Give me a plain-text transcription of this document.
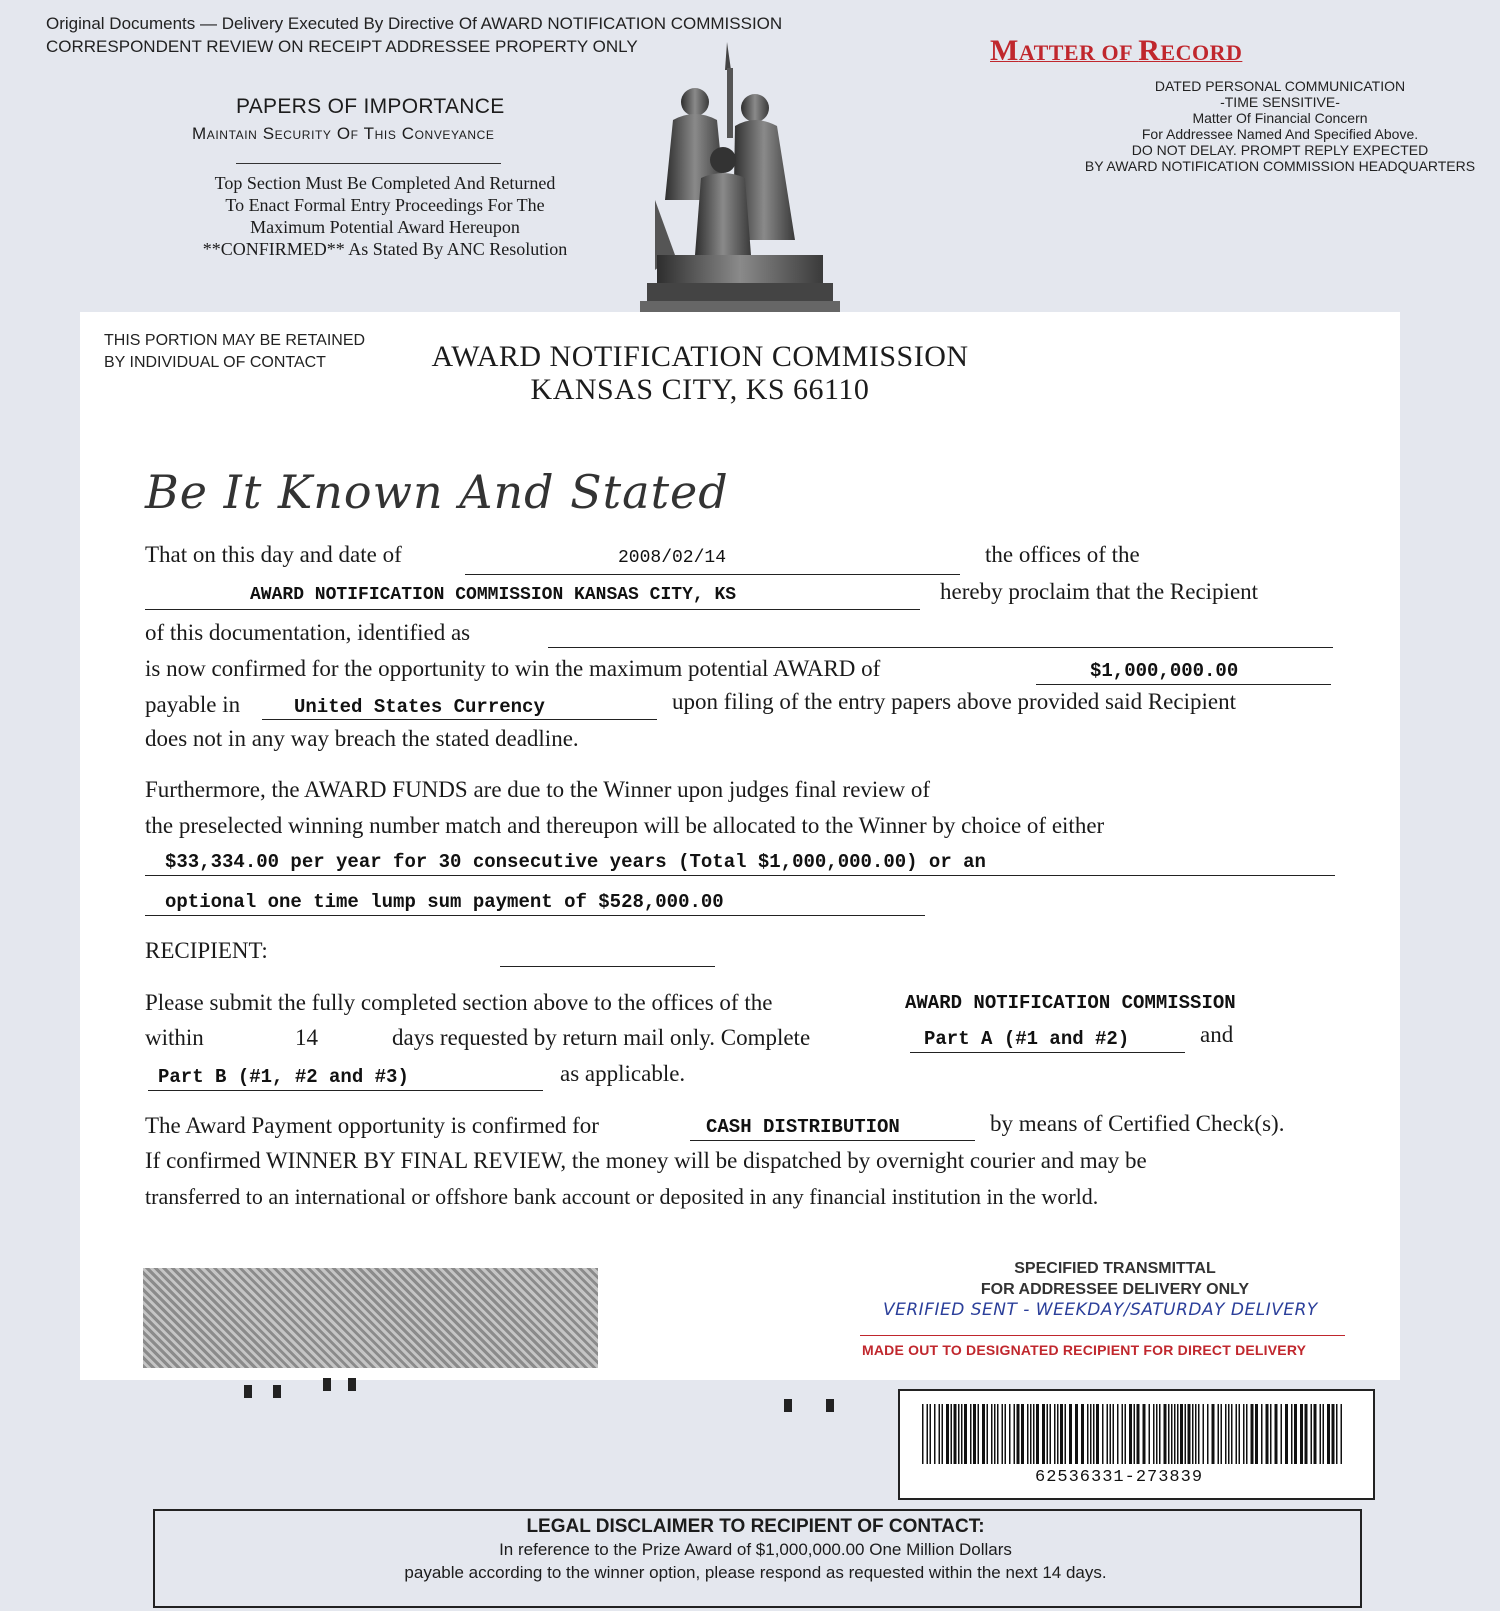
Original Documents — Delivery Executed By Directive Of AWARD NOTIFICATION COMMISSION
CORRESPONDENT REVIEW ON RECEIPT ADDRESSEE PROPERTY ONLY
PAPERS OF IMPORTANCE
Maintain Security Of This Conveyance
Top Section Must Be Completed And Returned
To Enact Formal Entry Proceedings For The
Maximum Potential Award Hereupon
**CONFIRMED** As Stated By ANC Resolution
MATTER OF RECORD
DATED PERSONAL COMMUNICATION
-TIME SENSITIVE-
Matter Of Financial Concern
For Addressee Named And Specified Above.
DO NOT DELAY. PROMPT REPLY EXPECTED
BY AWARD NOTIFICATION COMMISSION HEADQUARTERS
THIS PORTION MAY BE RETAINED
BY INDIVIDUAL OF CONTACT	AWARD NOTIFICATION COMMISSION
KANSAS CITY, KS 66110
Be It Known And Stated
That on this day and date of	2008/02/14	the offices of the
AWARD NOTIFICATION COMMISSION KANSAS CITY, KS	hereby proclaim that the Recipient
of this documentation, identified as
is now confirmed for the opportunity to win the maximum potential AWARD of	$1,000,000.00
payable in	United States Currency	upon filing of the entry papers above provided said Recipient
does not in any way breach the stated deadline.
Furthermore, the AWARD FUNDS are due to the Winner upon judges final review of
the preselected winning number match and thereupon will be allocated to the Winner by choice of either
$33,334.00 per year for 30 consecutive years (Total $1,000,000.00) or an
optional one time lump sum payment of $528,000.00
RECIPIENT:
Please submit the fully completed section above to the offices of the	AWARD NOTIFICATION COMMISSION
within	14	days requested by return mail only. Complete	Part A (#1 and #2)	and
Part B (#1, #2 and #3)	as applicable.
The Award Payment opportunity is confirmed for	CASH DISTRIBUTION	by means of Certified Check(s).
If confirmed WINNER BY FINAL REVIEW, the money will be dispatched by overnight courier and may be
transferred to an international or offshore bank account or deposited in any financial institution in the world.
SPECIFIED TRANSMITTAL
FOR ADDRESSEE DELIVERY ONLY
VERIFIED SENT - WEEKDAY/SATURDAY DELIVERY
MADE OUT TO DESIGNATED RECIPIENT FOR DIRECT DELIVERY
62536331-273839
LEGAL DISCLAIMER TO RECIPIENT OF CONTACT:
In reference to the Prize Award of $1,000,000.00 One Million Dollars
payable according to the winner option, please respond as requested within the next 14 days.
